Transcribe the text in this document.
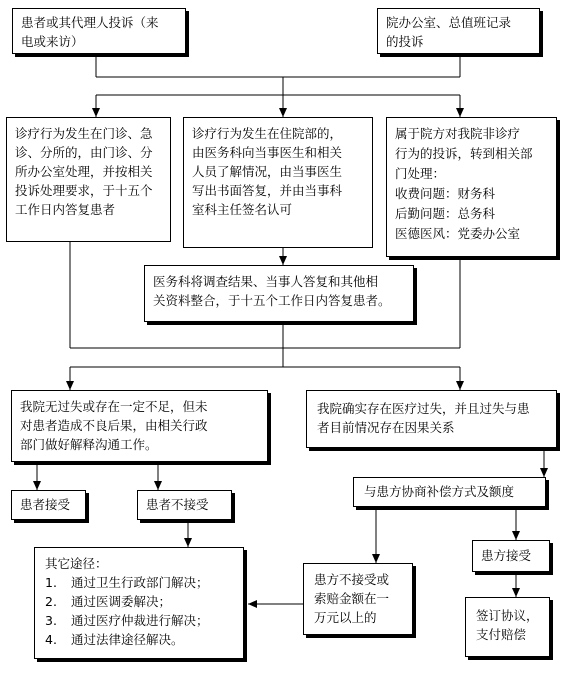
患者或其代理人投诉（来
电或来访）
院办公室、总值班记录
的投诉
诊疗行为发生在门诊、急
诊、分所的，由门诊、分
所办公室处理，并按相关
投诉处理要求，于十五个
工作日内答复患者
诊疗行为发生在住院部的，
由医务科向当事医生和相关
人员了解情况，由当事医生
写出书面答复，并由当事科
室科主任签名认可
属于院方对我院非诊疗
行为的投诉，转到相关部
门处理：
收费问题：财务科
后勤问题：总务科
医德医风：党委办公室
医务科将调查结果、当事人答复和其他相
关资料整合，于十五个工作日内答复患者。
我院无过失或存在一定不足，但未
对患者造成不良后果，由相关行政
部门做好解释沟通工作。
我院确实存在医疗过失，并且过失与患
者目前情况存在因果关系
患者接受	患者不接受
与患方协商补偿方式及额度
其它途径：
1. 通过卫生行政部门解决；
2. 通过医调委解决；
3. 通过医疗仲裁进行解决；
4. 通过法律途径解决。
患方不接受或
索赔金额在一
万元以上的
患方接受
签订协议，
支付赔偿
